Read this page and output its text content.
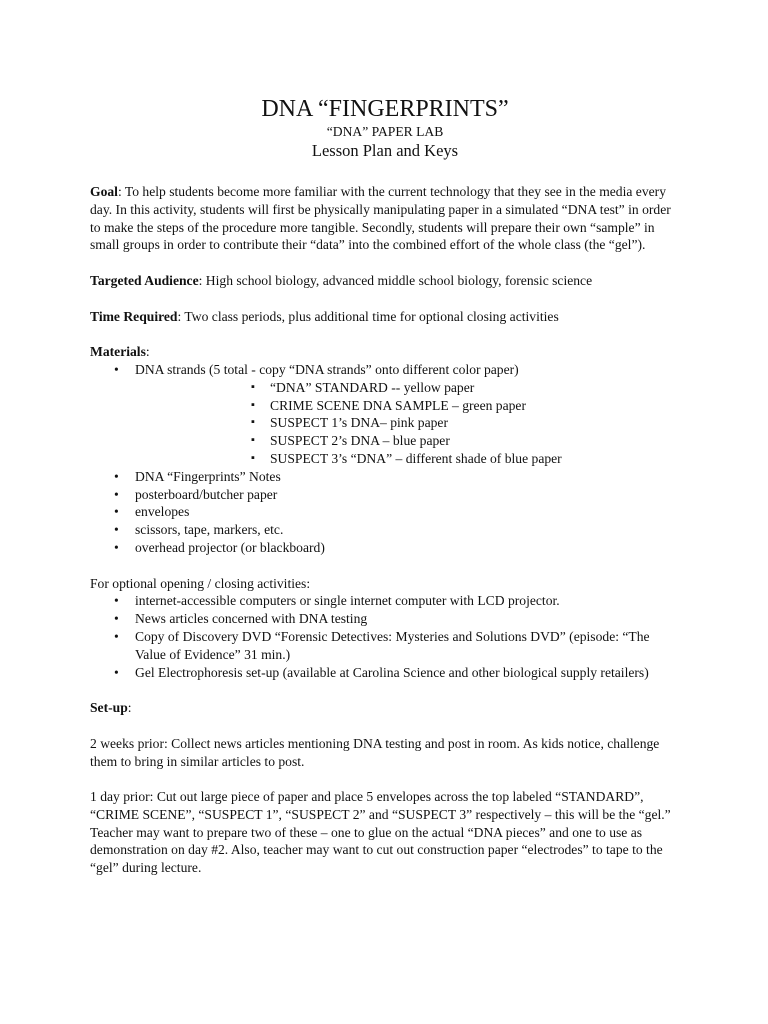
DNA “FINGERPRINTS”
“DNA” PAPER LAB
Lesson Plan and Keys

Goal: To help students become more familiar with the current technology that they see in the media every day. In this activity, students will first be physically manipulating paper in a simulated “DNA test” in order to make the steps of the procedure more tangible. Secondly, students will prepare their own “sample” in small groups in order to contribute their “data” into the combined effort of the whole class (the “gel”).

Targeted Audience: High school biology, advanced middle school biology, forensic science

Time Required: Two class periods, plus additional time for optional closing activities

Materials:

• DNA strands (5 total - copy “DNA strands” onto different color paper)
▪ “DNA” STANDARD -- yellow paper
▪ CRIME SCENE DNA SAMPLE – green paper
▪ SUSPECT 1’s DNA– pink paper
▪ SUSPECT 2’s DNA – blue paper
▪ SUSPECT 3’s “DNA” – different shade of blue paper
• DNA “Fingerprints” Notes
• posterboard/butcher paper
• envelopes
• scissors, tape, markers, etc.
• overhead projector (or blackboard)

For optional opening / closing activities:

• internet-accessible computers or single internet computer with LCD projector.
• News articles concerned with DNA testing
• Copy of Discovery DVD “Forensic Detectives: Mysteries and Solutions DVD” (episode: “The Value of Evidence” 31 min.)
• Gel Electrophoresis set-up (available at Carolina Science and other biological supply retailers)

Set-up:

2 weeks prior: Collect news articles mentioning DNA testing and post in room. As kids notice, challenge them to bring in similar articles to post.

1 day prior: Cut out large piece of paper and place 5 envelopes across the top labeled “STANDARD”, “CRIME SCENE”, “SUSPECT 1”, “SUSPECT 2” and “SUSPECT 3” respectively – this will be the “gel.” Teacher may want to prepare two of these – one to glue on the actual “DNA pieces” and one to use as demonstration on day #2. Also, teacher may want to cut out construction paper “electrodes” to tape to the “gel” during lecture.
